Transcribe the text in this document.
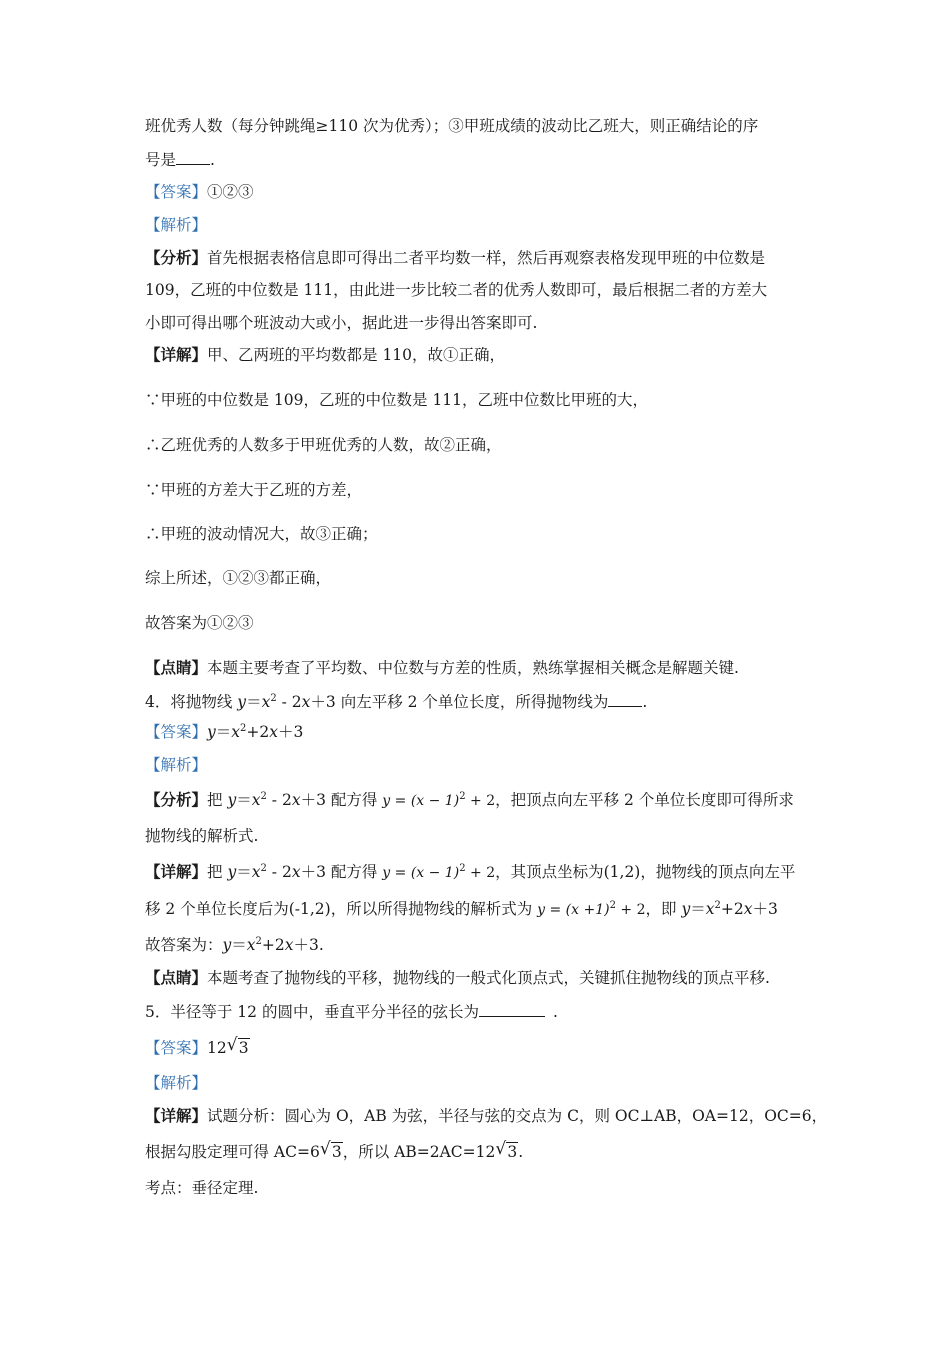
班优秀人数（每分钟跳绳≥110 次为优秀）；③甲班成绩的波动比乙班大，则正确结论的序
号是 .
【答案】①②③
【解析】
【分析】首先根据表格信息即可得出二者平均数一样，然后再观察表格发现甲班的中位数是
109，乙班的中位数是 111，由此进一步比较二者的优秀人数即可，最后根据二者的方差大
小即可得出哪个班波动大或小，据此进一步得出答案即可.
【详解】甲、乙两班的平均数都是 110，故①正确，
∵甲班的中位数是 109，乙班的中位数是 111，乙班中位数比甲班的大，
∴乙班优秀的人数多于甲班优秀的人数，故②正确，
∵甲班的方差大于乙班的方差，
∴甲班的波动情况大，故③正确；
综上所述，①②③都正确，
故答案为①②③
【点睛】本题主要考查了平均数、中位数与方差的性质，熟练掌握相关概念是解题关键.
4．将抛物线 $y=x^2 - 2x+3$ 向左平移 2 个单位长度，所得抛物线为 .
【答案】$y=x^2+2x+3$
【解析】
【分析】把 $y=x^2 - 2x+3$ 配方得 $y = (x - 1)^2 + 2$，把顶点向左平移 2 个单位长度即可得所求
抛物线的解析式.
【详解】把 $y=x^2 - 2x+3$ 配方得 $y = (x - 1)^2 + 2$，其顶点坐标为(1,2)，抛物线的顶点向左平
移 2 个单位长度后为(-1,2)，所以所得抛物线的解析式为 $y = (x +1)^2 + 2$，即 $y=x^2+2x+3$
故答案为：$y=x^2+2x+3$.
【点睛】本题考查了抛物线的平移，抛物线的一般式化顶点式，关键抓住抛物线的顶点平移.
5．半径等于 12 的圆中，垂直平分半径的弦长为	.
【答案】12 √ 3
【解析】
【详解】试题分析：圆心为 O，AB 为弦，半径与弦的交点为 C，则 OC⊥AB，OA=12，OC=6，
根据勾股定理可得 AC=6 √ 3，所以 AB=2AC=12 √ 3.
考点：垂径定理.
